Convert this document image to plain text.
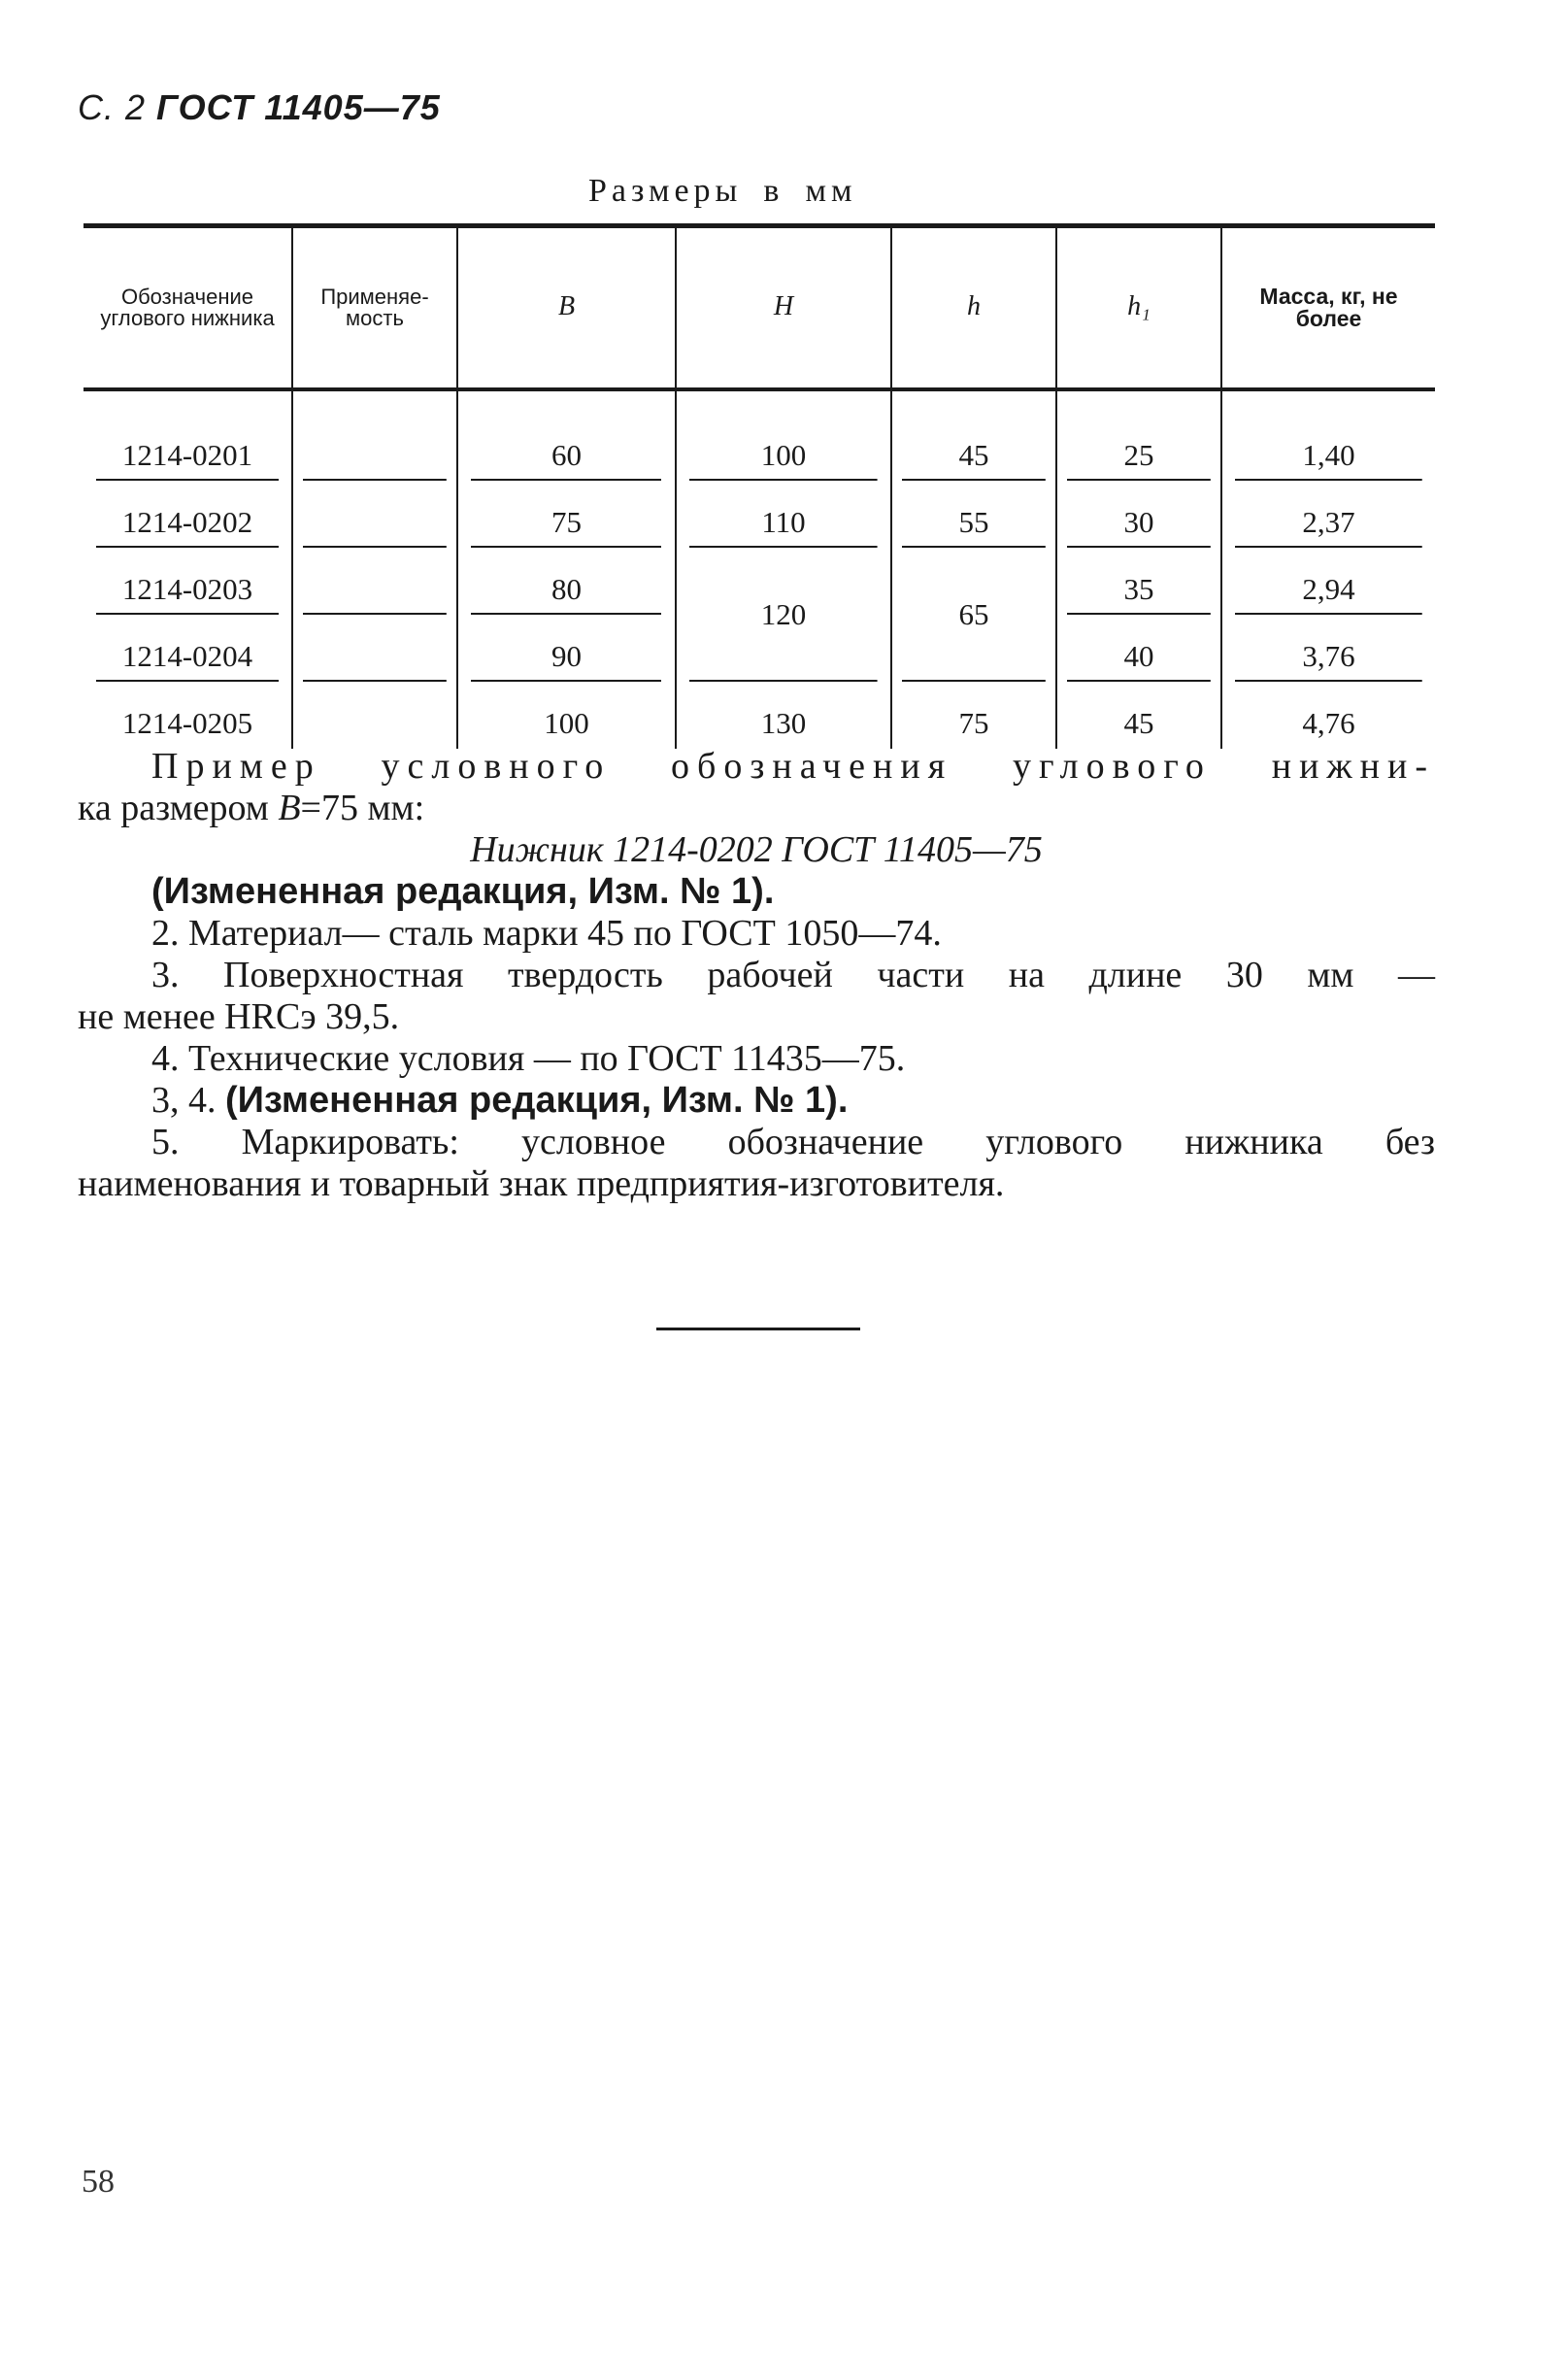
С. 2 ГОСТ 11405—75
Размеры в мм
Обозначение углового нижника	Применяе-мость	B	H	h	h₁	Масса, кг, не более
1214-0201		60	100	45	25	1,40
1214-0202		75	110	55	30	2,37
1214-0203		80	120	65	35	2,94
1214-0204		90			40	3,76
1214-0205		100	130	75	45	4,76

Пример условного обозначения углового нижни-

ка размером B=75 мм:

Нижник 1214-0202 ГОСТ 11405—75

(Измененная редакция, Изм. № 1).

2. Материал— сталь марки 45 по ГОСТ 1050—74.

3. Поверхностная твердость рабочей части на длине 30 мм —

не менее HRCэ 39,5.

4. Технические условия — по ГОСТ 11435—75.

3, 4. (Измененная редакция, Изм. № 1).

5. Маркировать: условное обозначение углового нижника без

наименования и товарный знак предприятия-изготовителя.

58
